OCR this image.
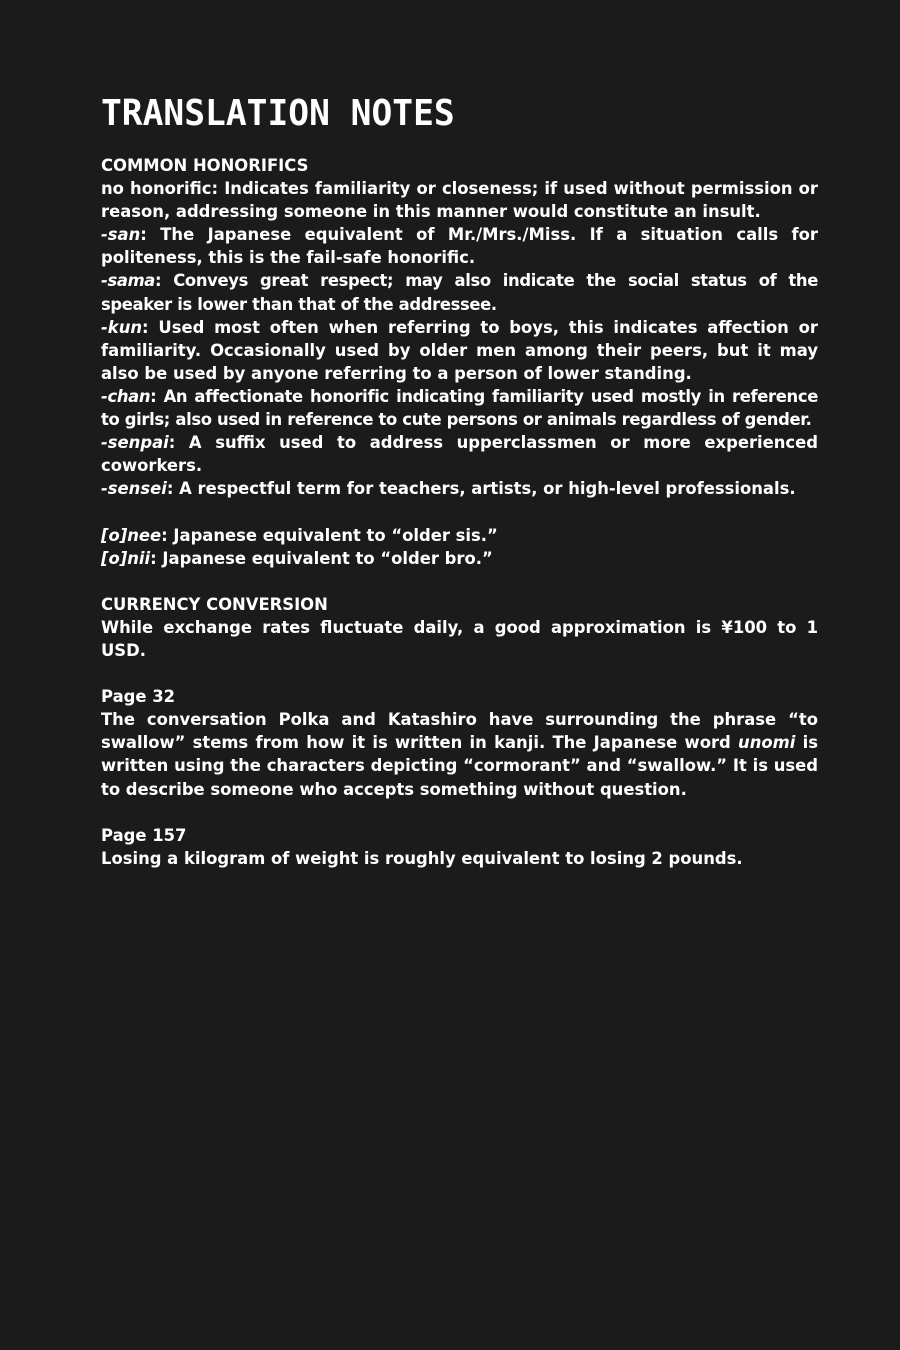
TRANSLATION NOTES
COMMON HONORIFICS
no honorific: Indicates familiarity or closeness; if used without permission or reason, addressing someone in this manner would constitute an insult.
-san: The Japanese equivalent of Mr./Mrs./Miss. If a situation calls for politeness, this is the fail-safe honorific.
-sama: Conveys great respect; may also indicate the social status of the speaker is lower than that of the addressee.
-kun: Used most often when referring to boys, this indicates affection or familiarity. Occasionally used by older men among their peers, but it may also be used by anyone referring to a person of lower standing.
-chan: An affectionate honorific indicating familiarity used mostly in reference to girls; also used in reference to cute persons or animals regardless of gender.
-senpai: A suffix used to address upperclassmen or more experienced coworkers.
-sensei: A respectful term for teachers, artists, or high-level professionals.
[o]nee: Japanese equivalent to “older sis.”
[o]nii: Japanese equivalent to “older bro.”
CURRENCY CONVERSION
While exchange rates fluctuate daily, a good approximation is ¥100 to 1 USD.
Page 32
The conversation Polka and Katashiro have surrounding the phrase “to swallow” stems from how it is written in kanji. The Japanese word unomi is written using the characters depicting “cormorant” and “swallow.” It is used to describe someone who accepts something without question.
Page 157
Losing a kilogram of weight is roughly equivalent to losing 2 pounds.
